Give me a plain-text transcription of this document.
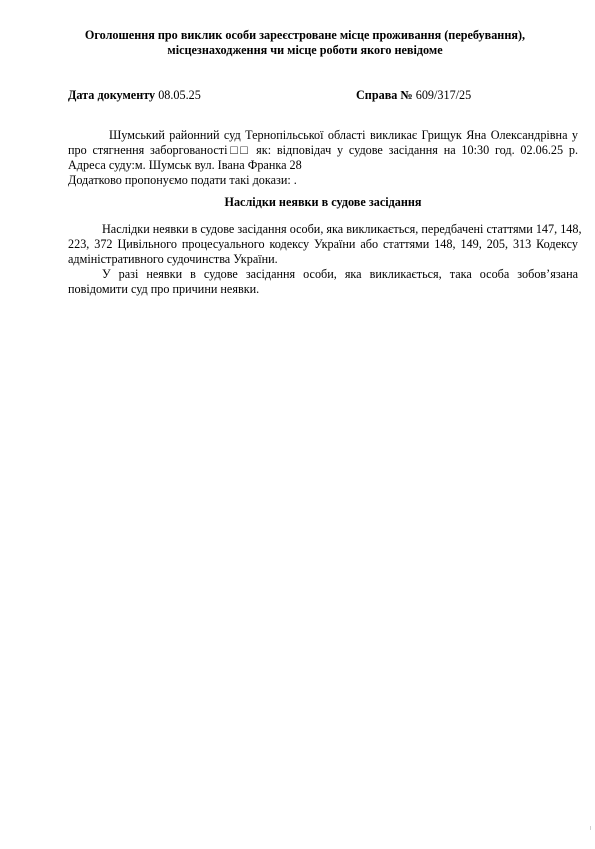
Оголошення про виклик особи зареєстроване місце проживання (перебування),
місцезнаходження чи місце роботи якого невідоме
Дата документу 08.05.25	Справа № 609/317/25
Шумський районний суд Тернопільської області викликає Грищук Яна Олександрівна у
про стягнення заборгованості□□ як: відповідач у судове засідання на 10:30 год. 02.06.25 р.
Адреса суду:м. Шумськ вул. Івана Франка 28
Додатково пропонуємо подати такі докази: .
Наслідки неявки в судове засідання
Наслідки неявки в судове засідання особи, яка викликається, передбачені статтями 147, 148,
223, 372 Цивільного процесуального кодексу України або статтями 148, 149, 205, 313 Кодексу
адміністративного судочинства України.
У разі неявки в судове засідання особи, яка викликається, така особа зобов’язана
повідомити суд про причини неявки.
